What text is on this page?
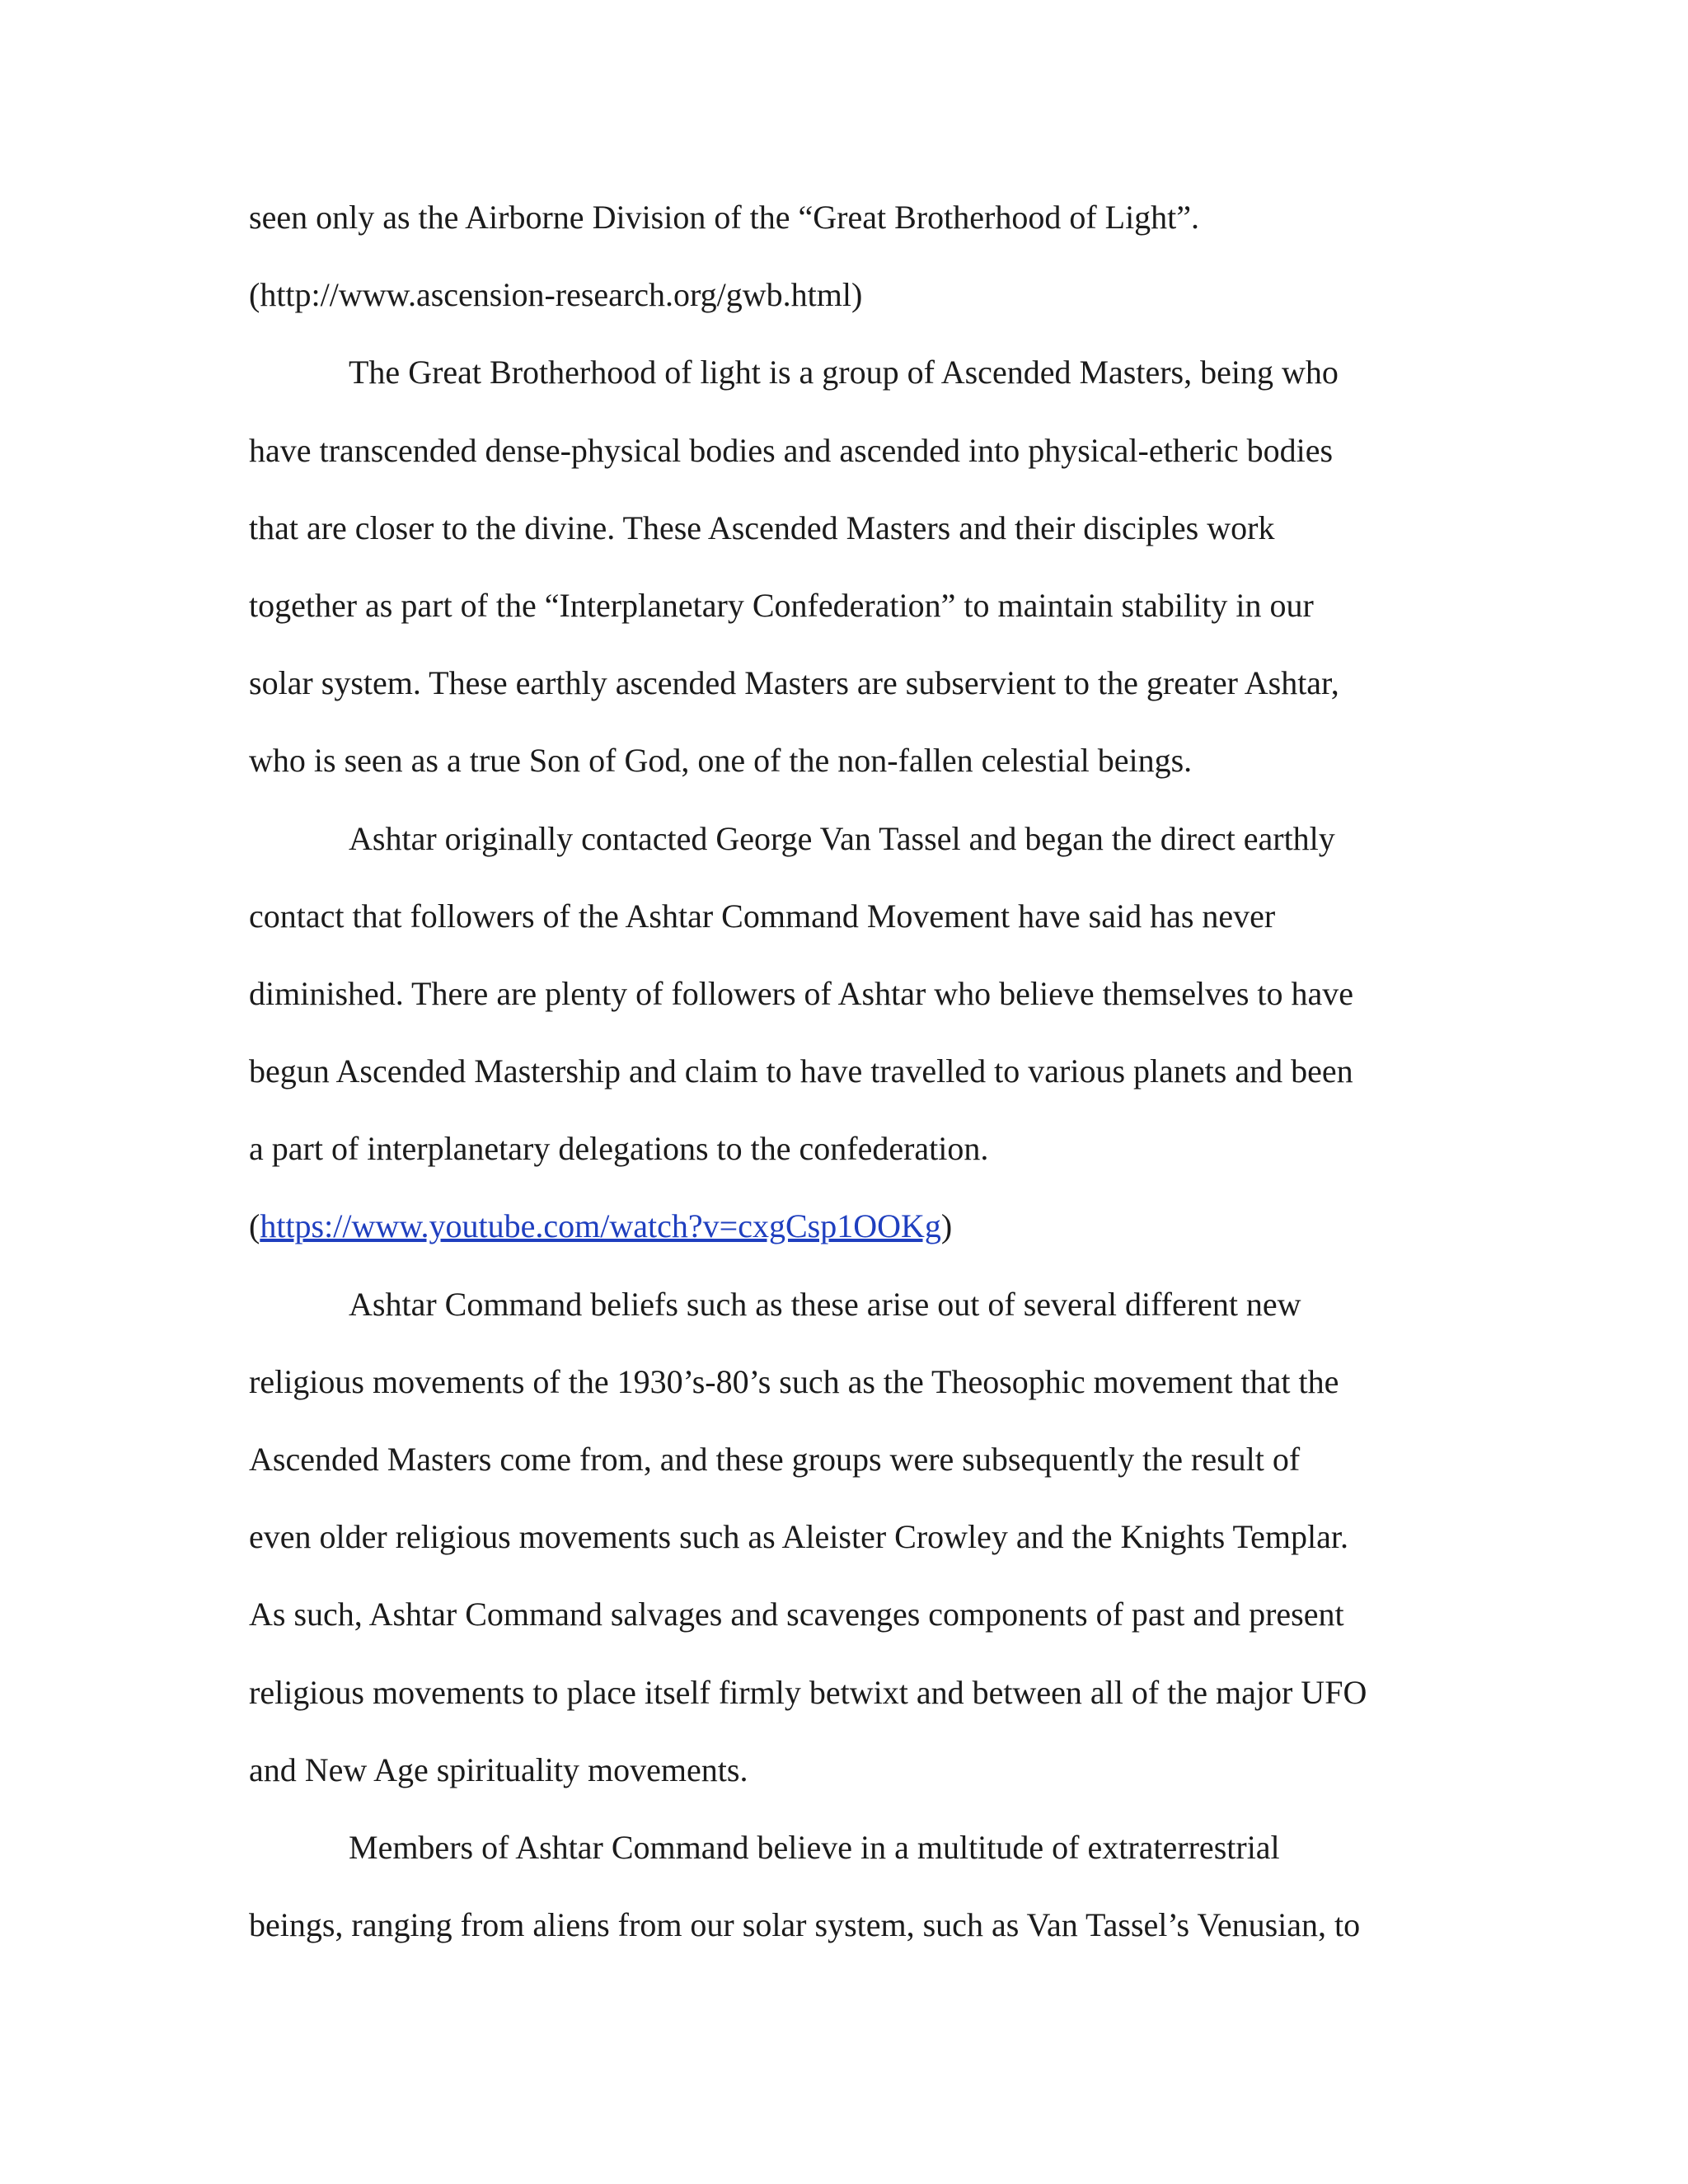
seen only as the Airborne Division of the “Great Brotherhood of Light”.
(http://www.ascension-research.org/gwb.html)
The Great Brotherhood of light is a group of Ascended Masters, being who
have transcended dense-physical bodies and ascended into physical-etheric bodies
that are closer to the divine. These Ascended Masters and their disciples work
together as part of the “Interplanetary Confederation” to maintain stability in our
solar system. These earthly ascended Masters are subservient to the greater Ashtar,
who is seen as a true Son of God, one of the non-fallen celestial beings.
Ashtar originally contacted George Van Tassel and began the direct earthly
contact that followers of the Ashtar Command Movement have said has never
diminished. There are plenty of followers of Ashtar who believe themselves to have
begun Ascended Mastership and claim to have travelled to various planets and been
a part of interplanetary delegations to the confederation.
(https://www.youtube.com/watch?v=cxgCsp1OOKg)
Ashtar Command beliefs such as these arise out of several different new
religious movements of the 1930’s-80’s such as the Theosophic movement that the
Ascended Masters come from, and these groups were subsequently the result of
even older religious movements such as Aleister Crowley and the Knights Templar.
As such, Ashtar Command salvages and scavenges components of past and present
religious movements to place itself firmly betwixt and between all of the major UFO
and New Age spirituality movements.
Members of Ashtar Command believe in a multitude of extraterrestrial
beings, ranging from aliens from our solar system, such as Van Tassel’s Venusian, to
